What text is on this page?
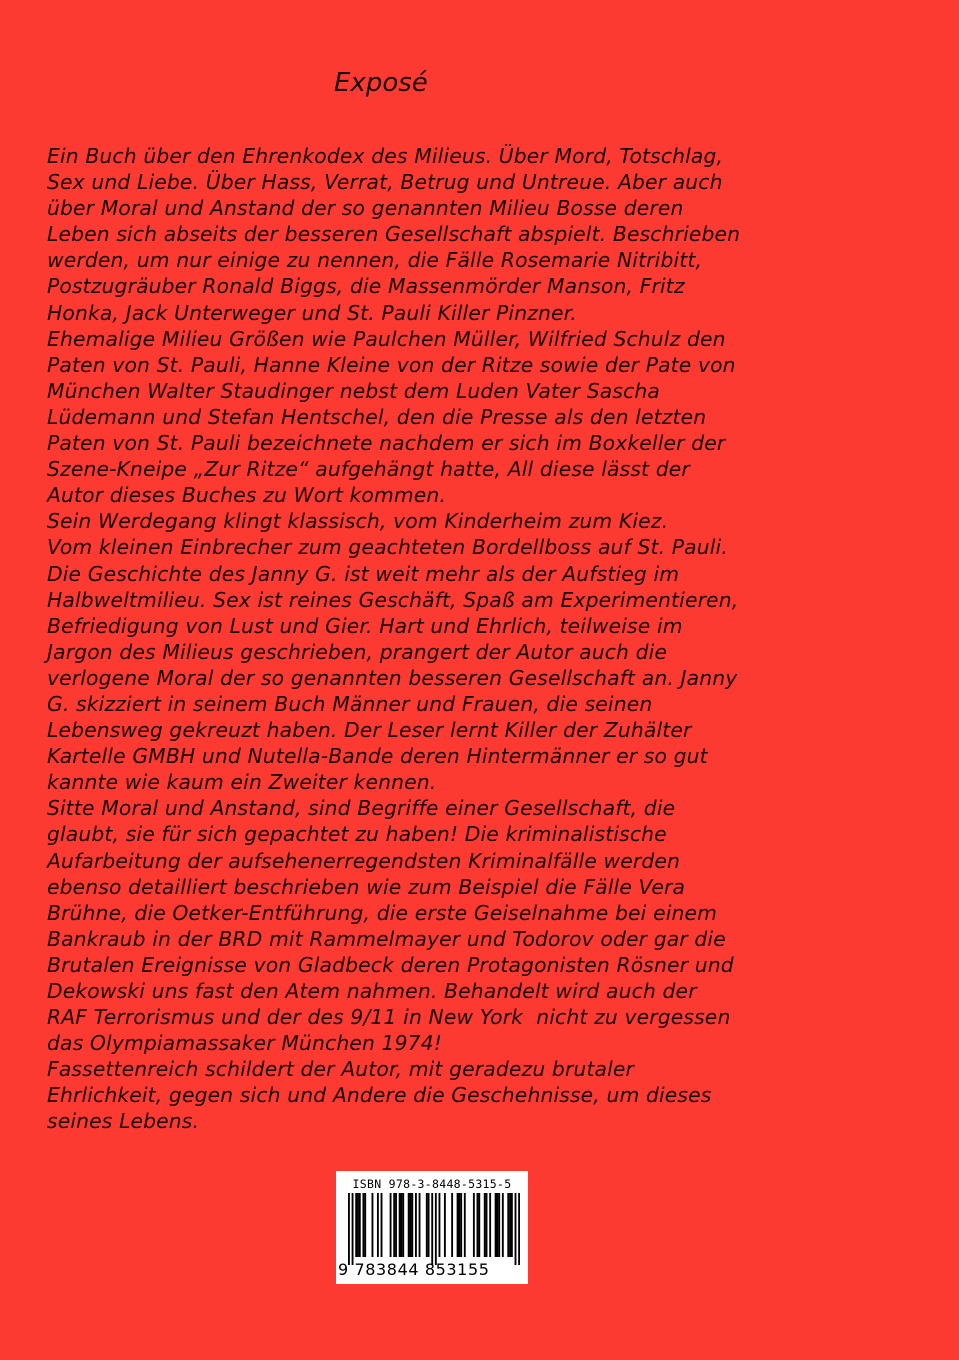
Exposé
Ein Buch über den Ehrenkodex des Milieus. Über Mord, Totschlag,
Sex und Liebe. Über Hass, Verrat, Betrug und Untreue. Aber auch
über Moral und Anstand der so genannten Milieu Bosse deren
Leben sich abseits der besseren Gesellschaft abspielt. Beschrieben
werden, um nur einige zu nennen, die Fälle Rosemarie Nitribitt,
Postzugräuber Ronald Biggs, die Massenmörder Manson, Fritz
Honka, Jack Unterweger und St. Pauli Killer Pinzner.
Ehemalige Milieu Größen wie Paulchen Müller, Wilfried Schulz den
Paten von St. Pauli, Hanne Kleine von der Ritze sowie der Pate von
München Walter Staudinger nebst dem Luden Vater Sascha
Lüdemann und Stefan Hentschel, den die Presse als den letzten
Paten von St. Pauli bezeichnete nachdem er sich im Boxkeller der
Szene-Kneipe „Zur Ritze“ aufgehängt hatte, All diese lässt der
Autor dieses Buches zu Wort kommen.
Sein Werdegang klingt klassisch, vom Kinderheim zum Kiez.
Vom kleinen Einbrecher zum geachteten Bordellboss auf St. Pauli.
Die Geschichte des Janny G. ist weit mehr als der Aufstieg im
Halbweltmilieu. Sex ist reines Geschäft, Spaß am Experimentieren,
Befriedigung von Lust und Gier. Hart und Ehrlich, teilweise im
Jargon des Milieus geschrieben, prangert der Autor auch die
verlogene Moral der so genannten besseren Gesellschaft an. Janny
G. skizziert in seinem Buch Männer und Frauen, die seinen
Lebensweg gekreuzt haben. Der Leser lernt Killer der Zuhälter
Kartelle GMBH und Nutella-Bande deren Hintermänner er so gut
kannte wie kaum ein Zweiter kennen.
Sitte Moral und Anstand, sind Begriffe einer Gesellschaft, die
glaubt, sie für sich gepachtet zu haben! Die kriminalistische
Aufarbeitung der aufsehenerregendsten Kriminalfälle werden
ebenso detailliert beschrieben wie zum Beispiel die Fälle Vera
Brühne, die Oetker-Entführung, die erste Geiselnahme bei einem
Bankraub in der BRD mit Rammelmayer und Todorov oder gar die
Brutalen Ereignisse von Gladbeck deren Protagonisten Rösner und
Dekowski uns fast den Atem nahmen. Behandelt wird auch der
RAF Terrorismus und der des 9/11 in New York  nicht zu vergessen
das Olympiamassaker München 1974!
Fassettenreich schildert der Autor, mit geradezu brutaler
Ehrlichkeit, gegen sich und Andere die Geschehnisse, um dieses
seines Lebens.
ISBN 978-3-8448-5315-5
9 783844 853155
